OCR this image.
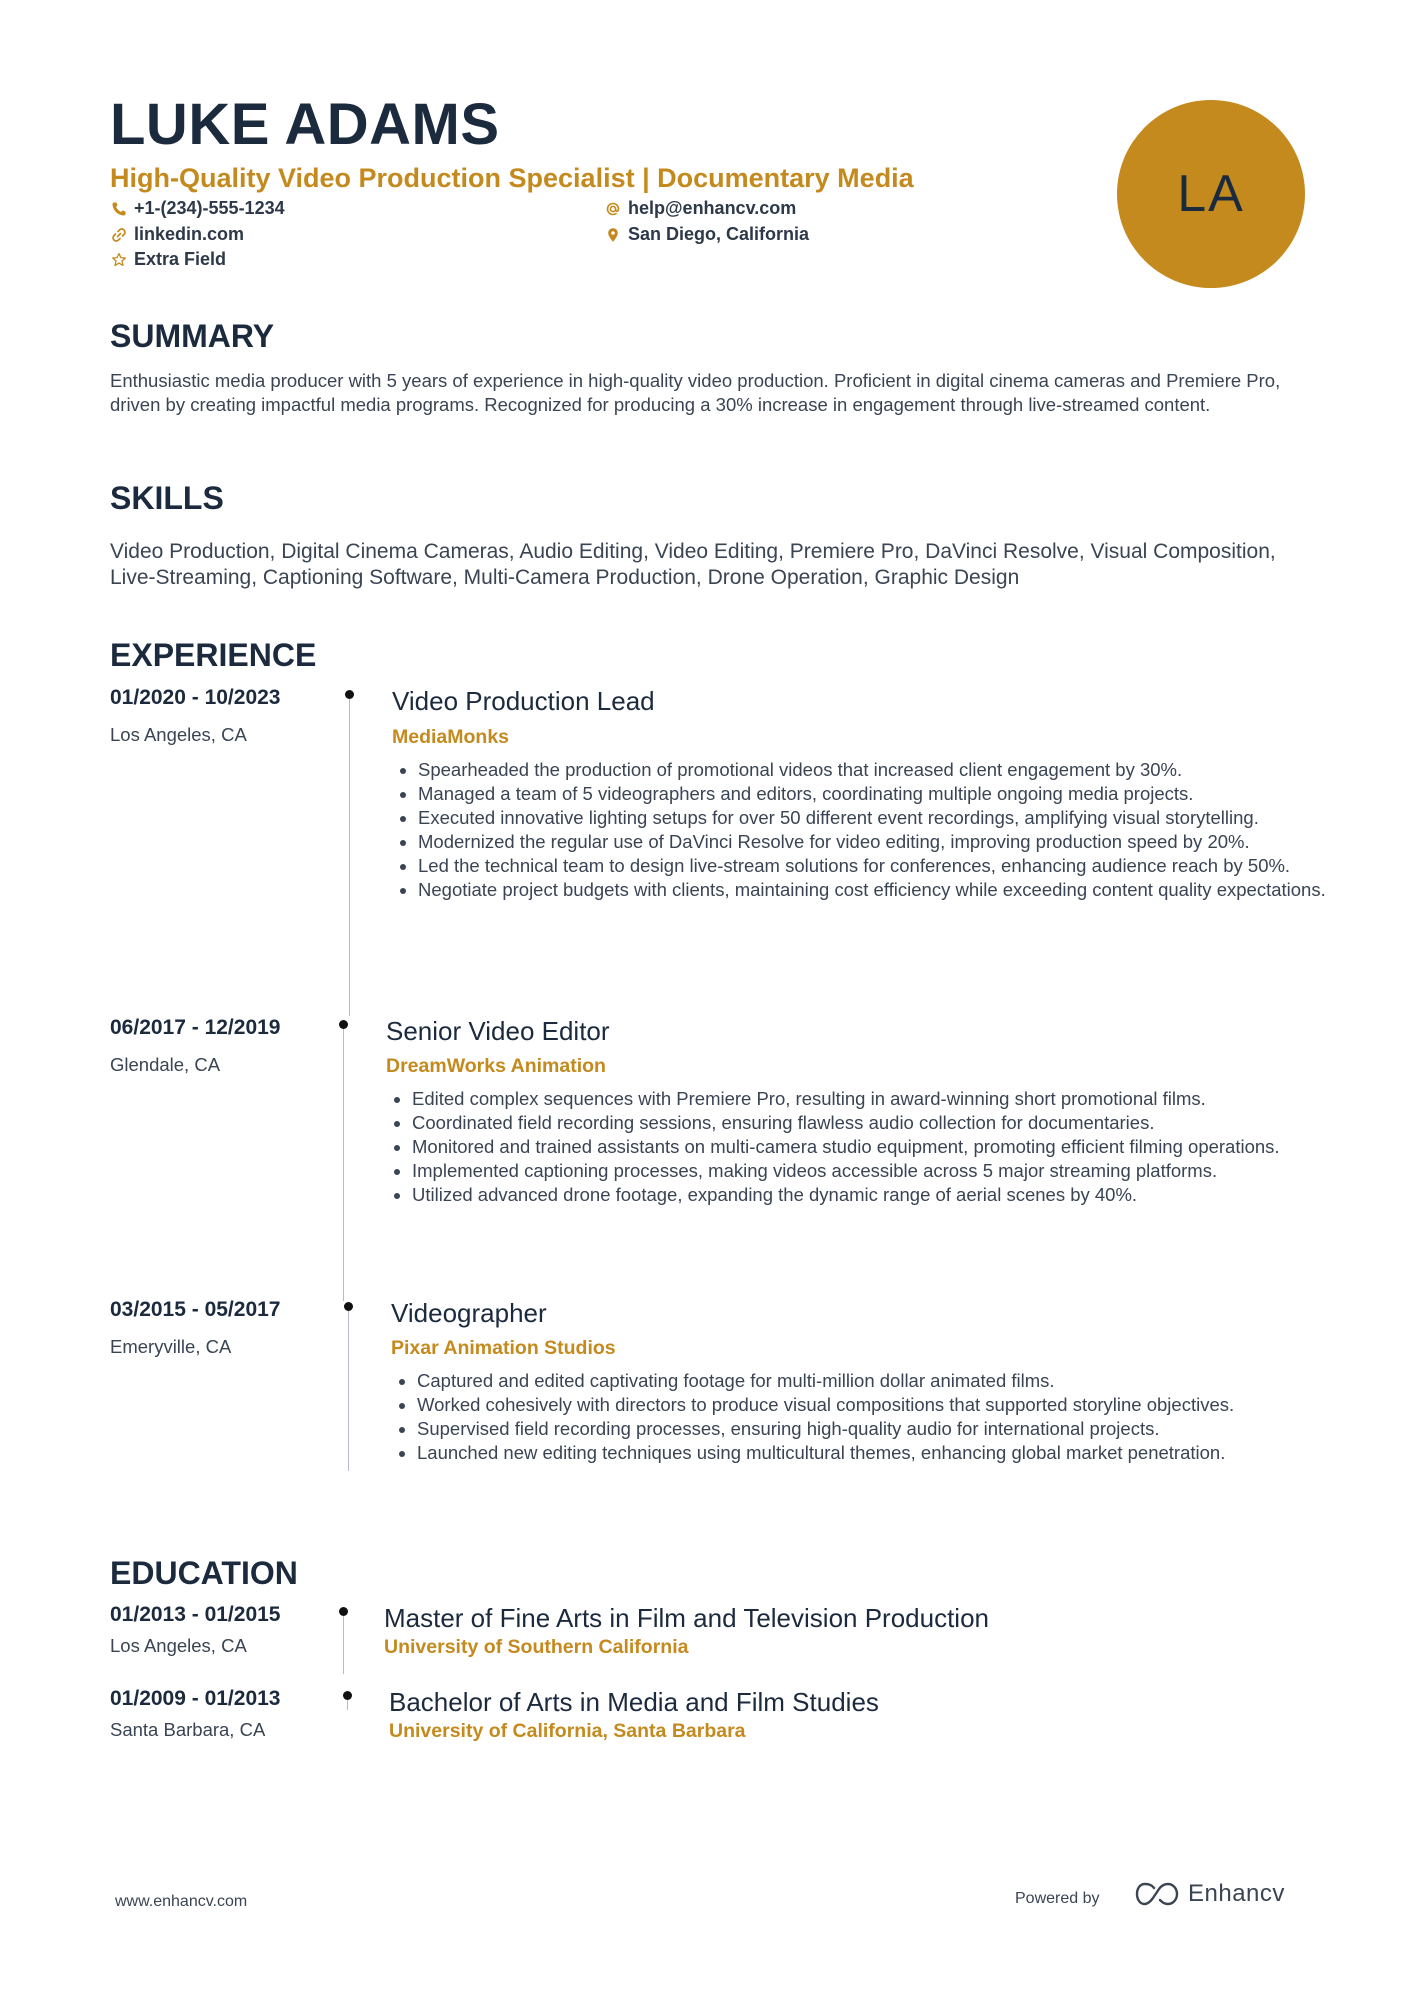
LUKE ADAMS
High-Quality Video Production Specialist | Documentary Media
+1-(234)-555-1234
linkedin.com
Extra Field
help@enhancv.com
San Diego, California
LA
SUMMARY
Enthusiastic media producer with 5 years of experience in high-quality video production. Proficient in digital cinema cameras and Premiere Pro, driven by creating impactful media programs. Recognized for producing a 30% increase in engagement through live-streamed content.
SKILLS
Video Production, Digital Cinema Cameras, Audio Editing, Video Editing, Premiere Pro, DaVinci Resolve, Visual Composition, Live-Streaming, Captioning Software, Multi-Camera Production, Drone Operation, Graphic Design
EXPERIENCE
01/2020 - 10/2023
Los Angeles, CA
Video Production Lead
MediaMonks
• Spearheaded the production of promotional videos that increased client engagement by 30%.
• Managed a team of 5 videographers and editors, coordinating multiple ongoing media projects.
• Executed innovative lighting setups for over 50 different event recordings, amplifying visual storytelling.
• Modernized the regular use of DaVinci Resolve for video editing, improving production speed by 20%.
• Led the technical team to design live-stream solutions for conferences, enhancing audience reach by 50%.
• Negotiate project budgets with clients, maintaining cost efficiency while exceeding content quality expectations.
06/2017 - 12/2019
Glendale, CA
Senior Video Editor
DreamWorks Animation
• Edited complex sequences with Premiere Pro, resulting in award-winning short promotional films.
• Coordinated field recording sessions, ensuring flawless audio collection for documentaries.
• Monitored and trained assistants on multi-camera studio equipment, promoting efficient filming operations.
• Implemented captioning processes, making videos accessible across 5 major streaming platforms.
• Utilized advanced drone footage, expanding the dynamic range of aerial scenes by 40%.
03/2015 - 05/2017
Emeryville, CA
Videographer
Pixar Animation Studios
• Captured and edited captivating footage for multi-million dollar animated films.
• Worked cohesively with directors to produce visual compositions that supported storyline objectives.
• Supervised field recording processes, ensuring high-quality audio for international projects.
• Launched new editing techniques using multicultural themes, enhancing global market penetration.
EDUCATION
01/2013 - 01/2015
Los Angeles, CA
Master of Fine Arts in Film and Television Production
University of Southern California
01/2009 - 01/2013
Santa Barbara, CA
Bachelor of Arts in Media and Film Studies
University of California, Santa Barbara
www.enhancv.com	Powered by	Enhancv
